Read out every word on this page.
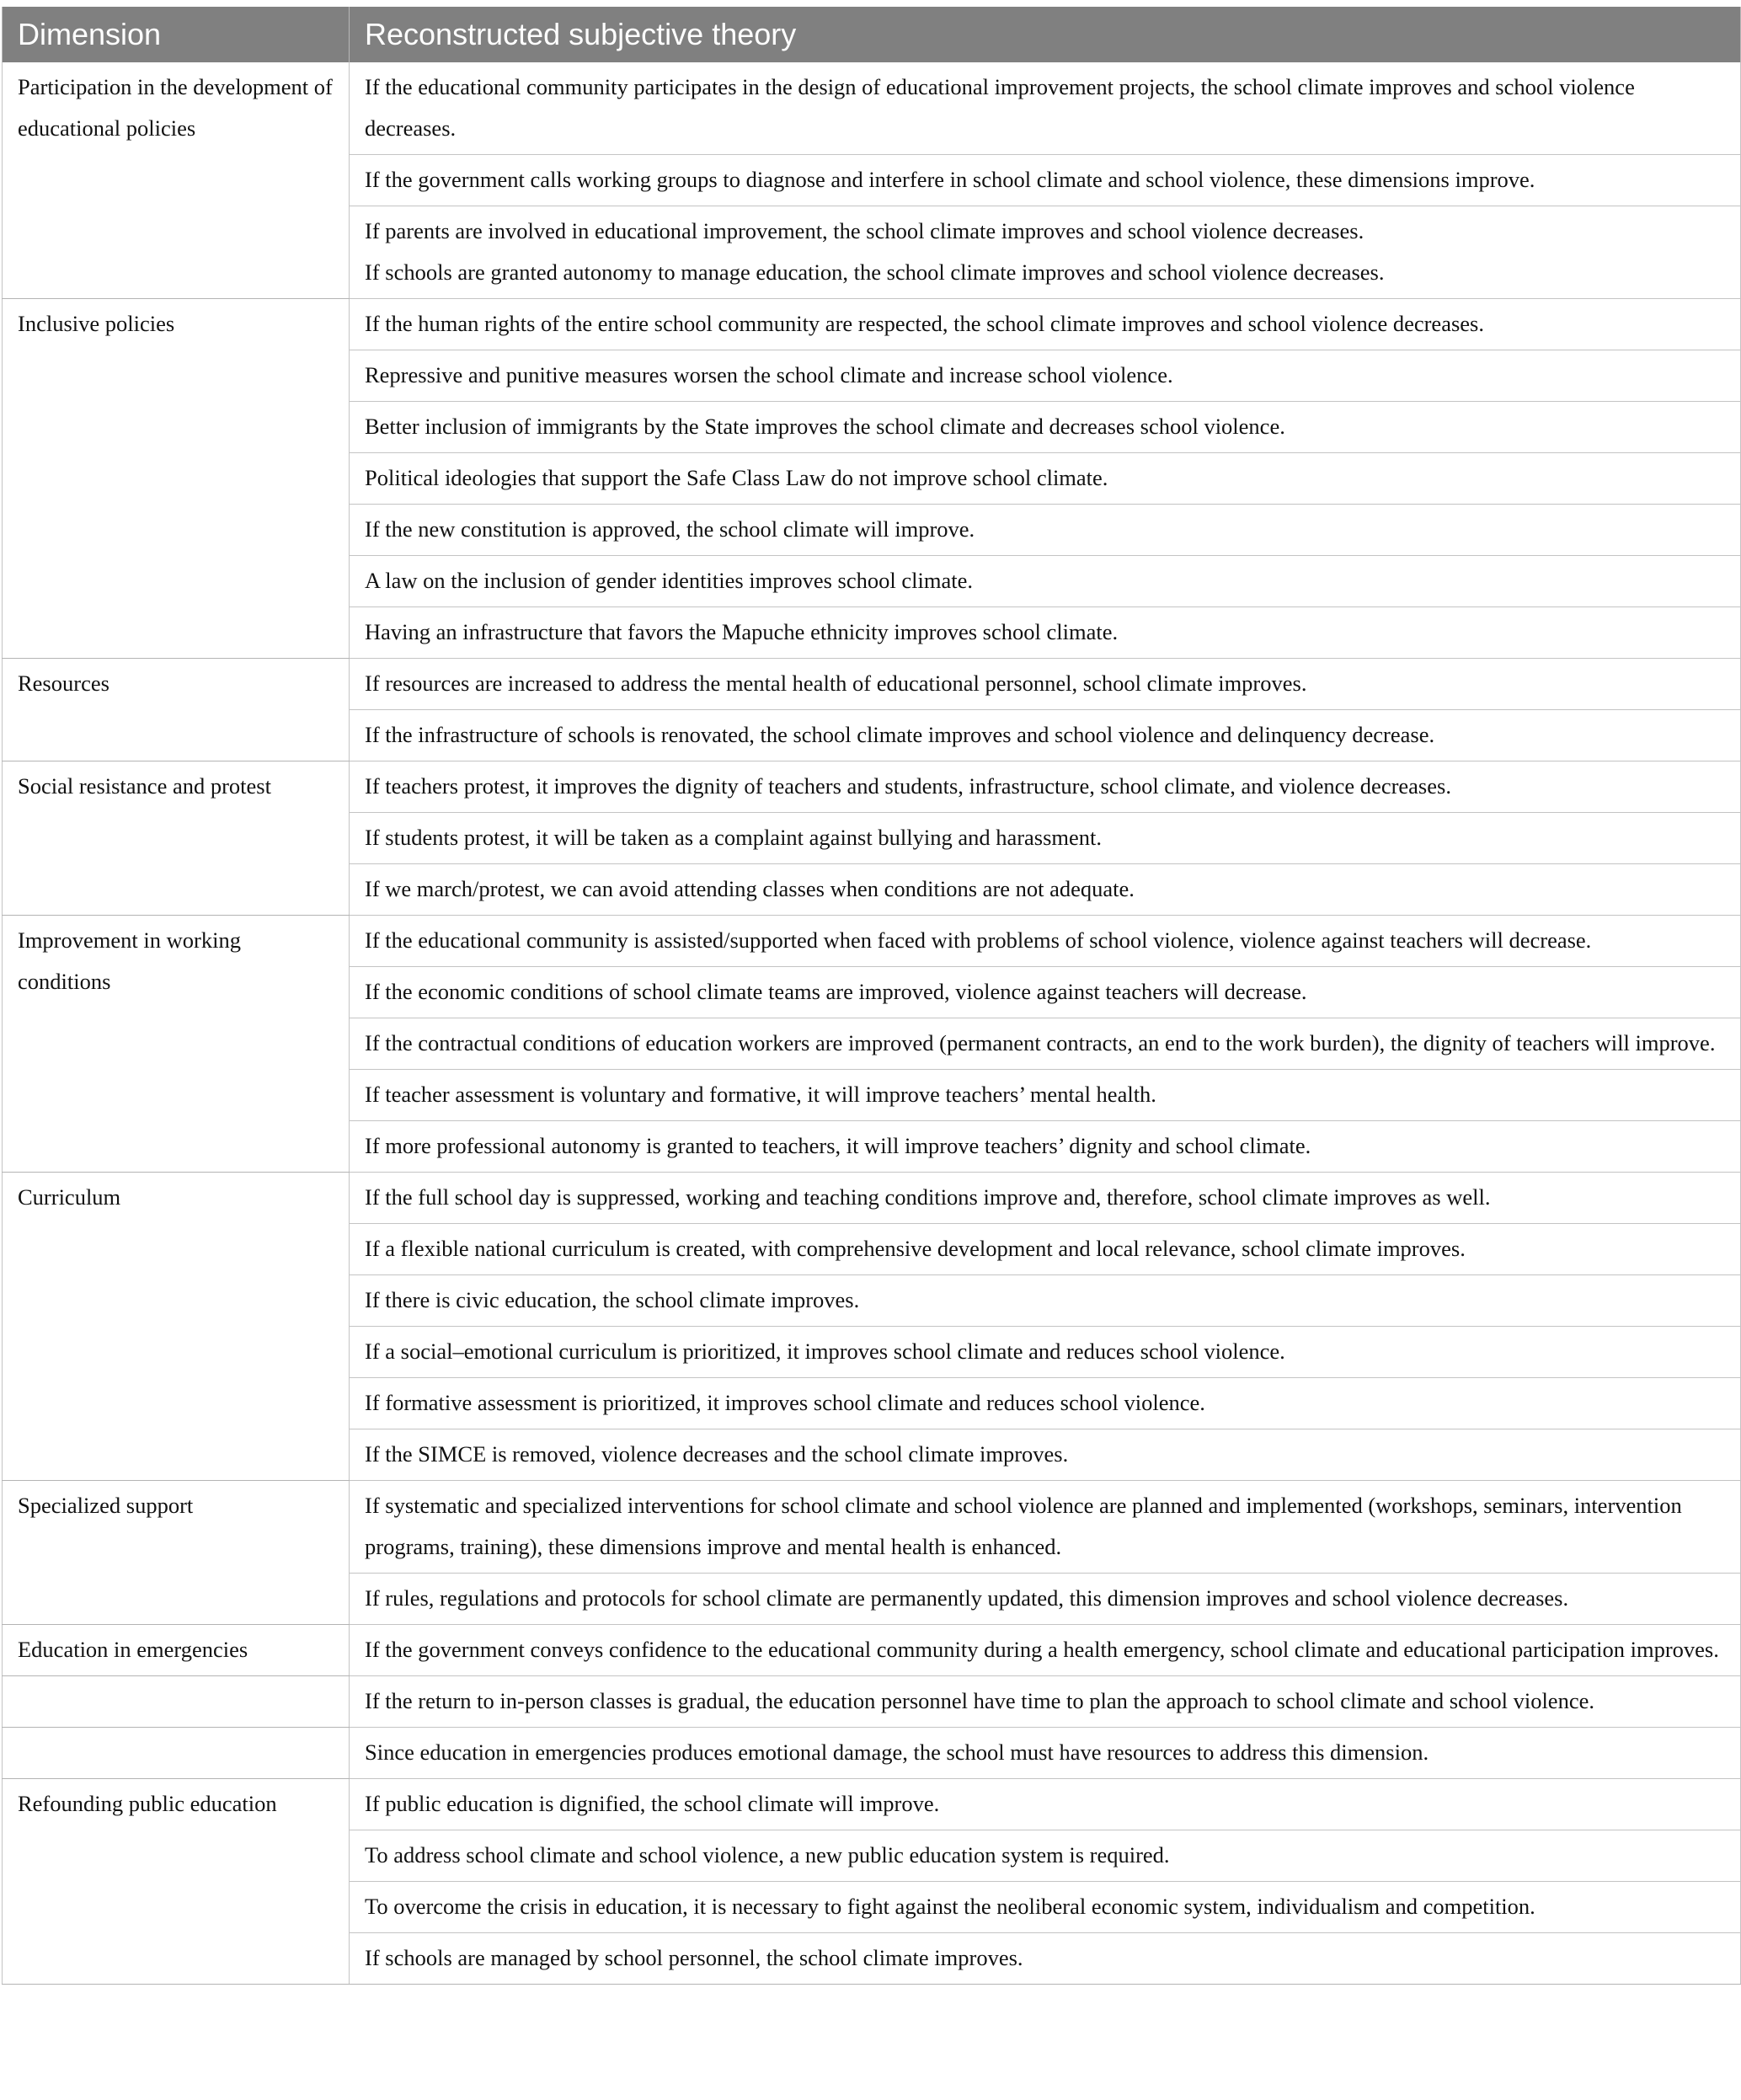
Dimension	Reconstructed subjective theory
Participation in the development of educational policies	If the educational community participates in the design of educational improvement projects, the school climate improves and school violence decreases.

	If the government calls working groups to diagnose and interfere in school climate and school violence, these dimensions improve.

	If parents are involved in educational improvement, the school climate improves and school violence decreases.
If schools are granted autonomy to manage education, the school climate improves and school violence decreases.

Inclusive policies	If the human rights of the entire school community are respected, the school climate improves and school violence decreases.

	Repressive and punitive measures worsen the school climate and increase school violence.

	Better inclusion of immigrants by the State improves the school climate and decreases school violence.

	Political ideologies that support the Safe Class Law do not improve school climate.

	If the new constitution is approved, the school climate will improve.

	A law on the inclusion of gender identities improves school climate.

	Having an infrastructure that favors the Mapuche ethnicity improves school climate.

Resources	If resources are increased to address the mental health of educational personnel, school climate improves.

	If the infrastructure of schools is renovated, the school climate improves and school violence and delinquency decrease.

Social resistance and protest	If teachers protest, it improves the dignity of teachers and students, infrastructure, school climate, and violence decreases.

	If students protest, it will be taken as a complaint against bullying and harassment.

	If we march/protest, we can avoid attending classes when conditions are not adequate.

Improvement in working conditions	If the educational community is assisted/supported when faced with problems of school violence, violence against teachers will decrease.

	If the economic conditions of school climate teams are improved, violence against teachers will decrease.

	If the contractual conditions of education workers are improved (permanent contracts, an end to the work burden), the dignity of teachers will improve.

	If teacher assessment is voluntary and formative, it will improve teachers’ mental health.

	If more professional autonomy is granted to teachers, it will improve teachers’ dignity and school climate.

Curriculum	If the full school day is suppressed, working and teaching conditions improve and, therefore, school climate improves as well.

	If a flexible national curriculum is created, with comprehensive development and local relevance, school climate improves.

	If there is civic education, the school climate improves.

	If a social–emotional curriculum is prioritized, it improves school climate and reduces school violence.

	If formative assessment is prioritized, it improves school climate and reduces school violence.

	If the SIMCE is removed, violence decreases and the school climate improves.

Specialized support	If systematic and specialized interventions for school climate and school violence are planned and implemented (workshops, seminars, intervention programs, training), these dimensions improve and mental health is enhanced.

	If rules, regulations and protocols for school climate are permanently updated, this dimension improves and school violence decreases.

Education in emergencies	If the government conveys confidence to the educational community during a health emergency, school climate and educational participation improves.

	If the return to in-person classes is gradual, the education personnel have time to plan the approach to school climate and school violence.

	Since education in emergencies produces emotional damage, the school must have resources to address this dimension.

Refounding public education	If public education is dignified, the school climate will improve.

	To address school climate and school violence, a new public education system is required.

	To overcome the crisis in education, it is necessary to fight against the neoliberal economic system, individualism and competition.

	If schools are managed by school personnel, the school climate improves.
